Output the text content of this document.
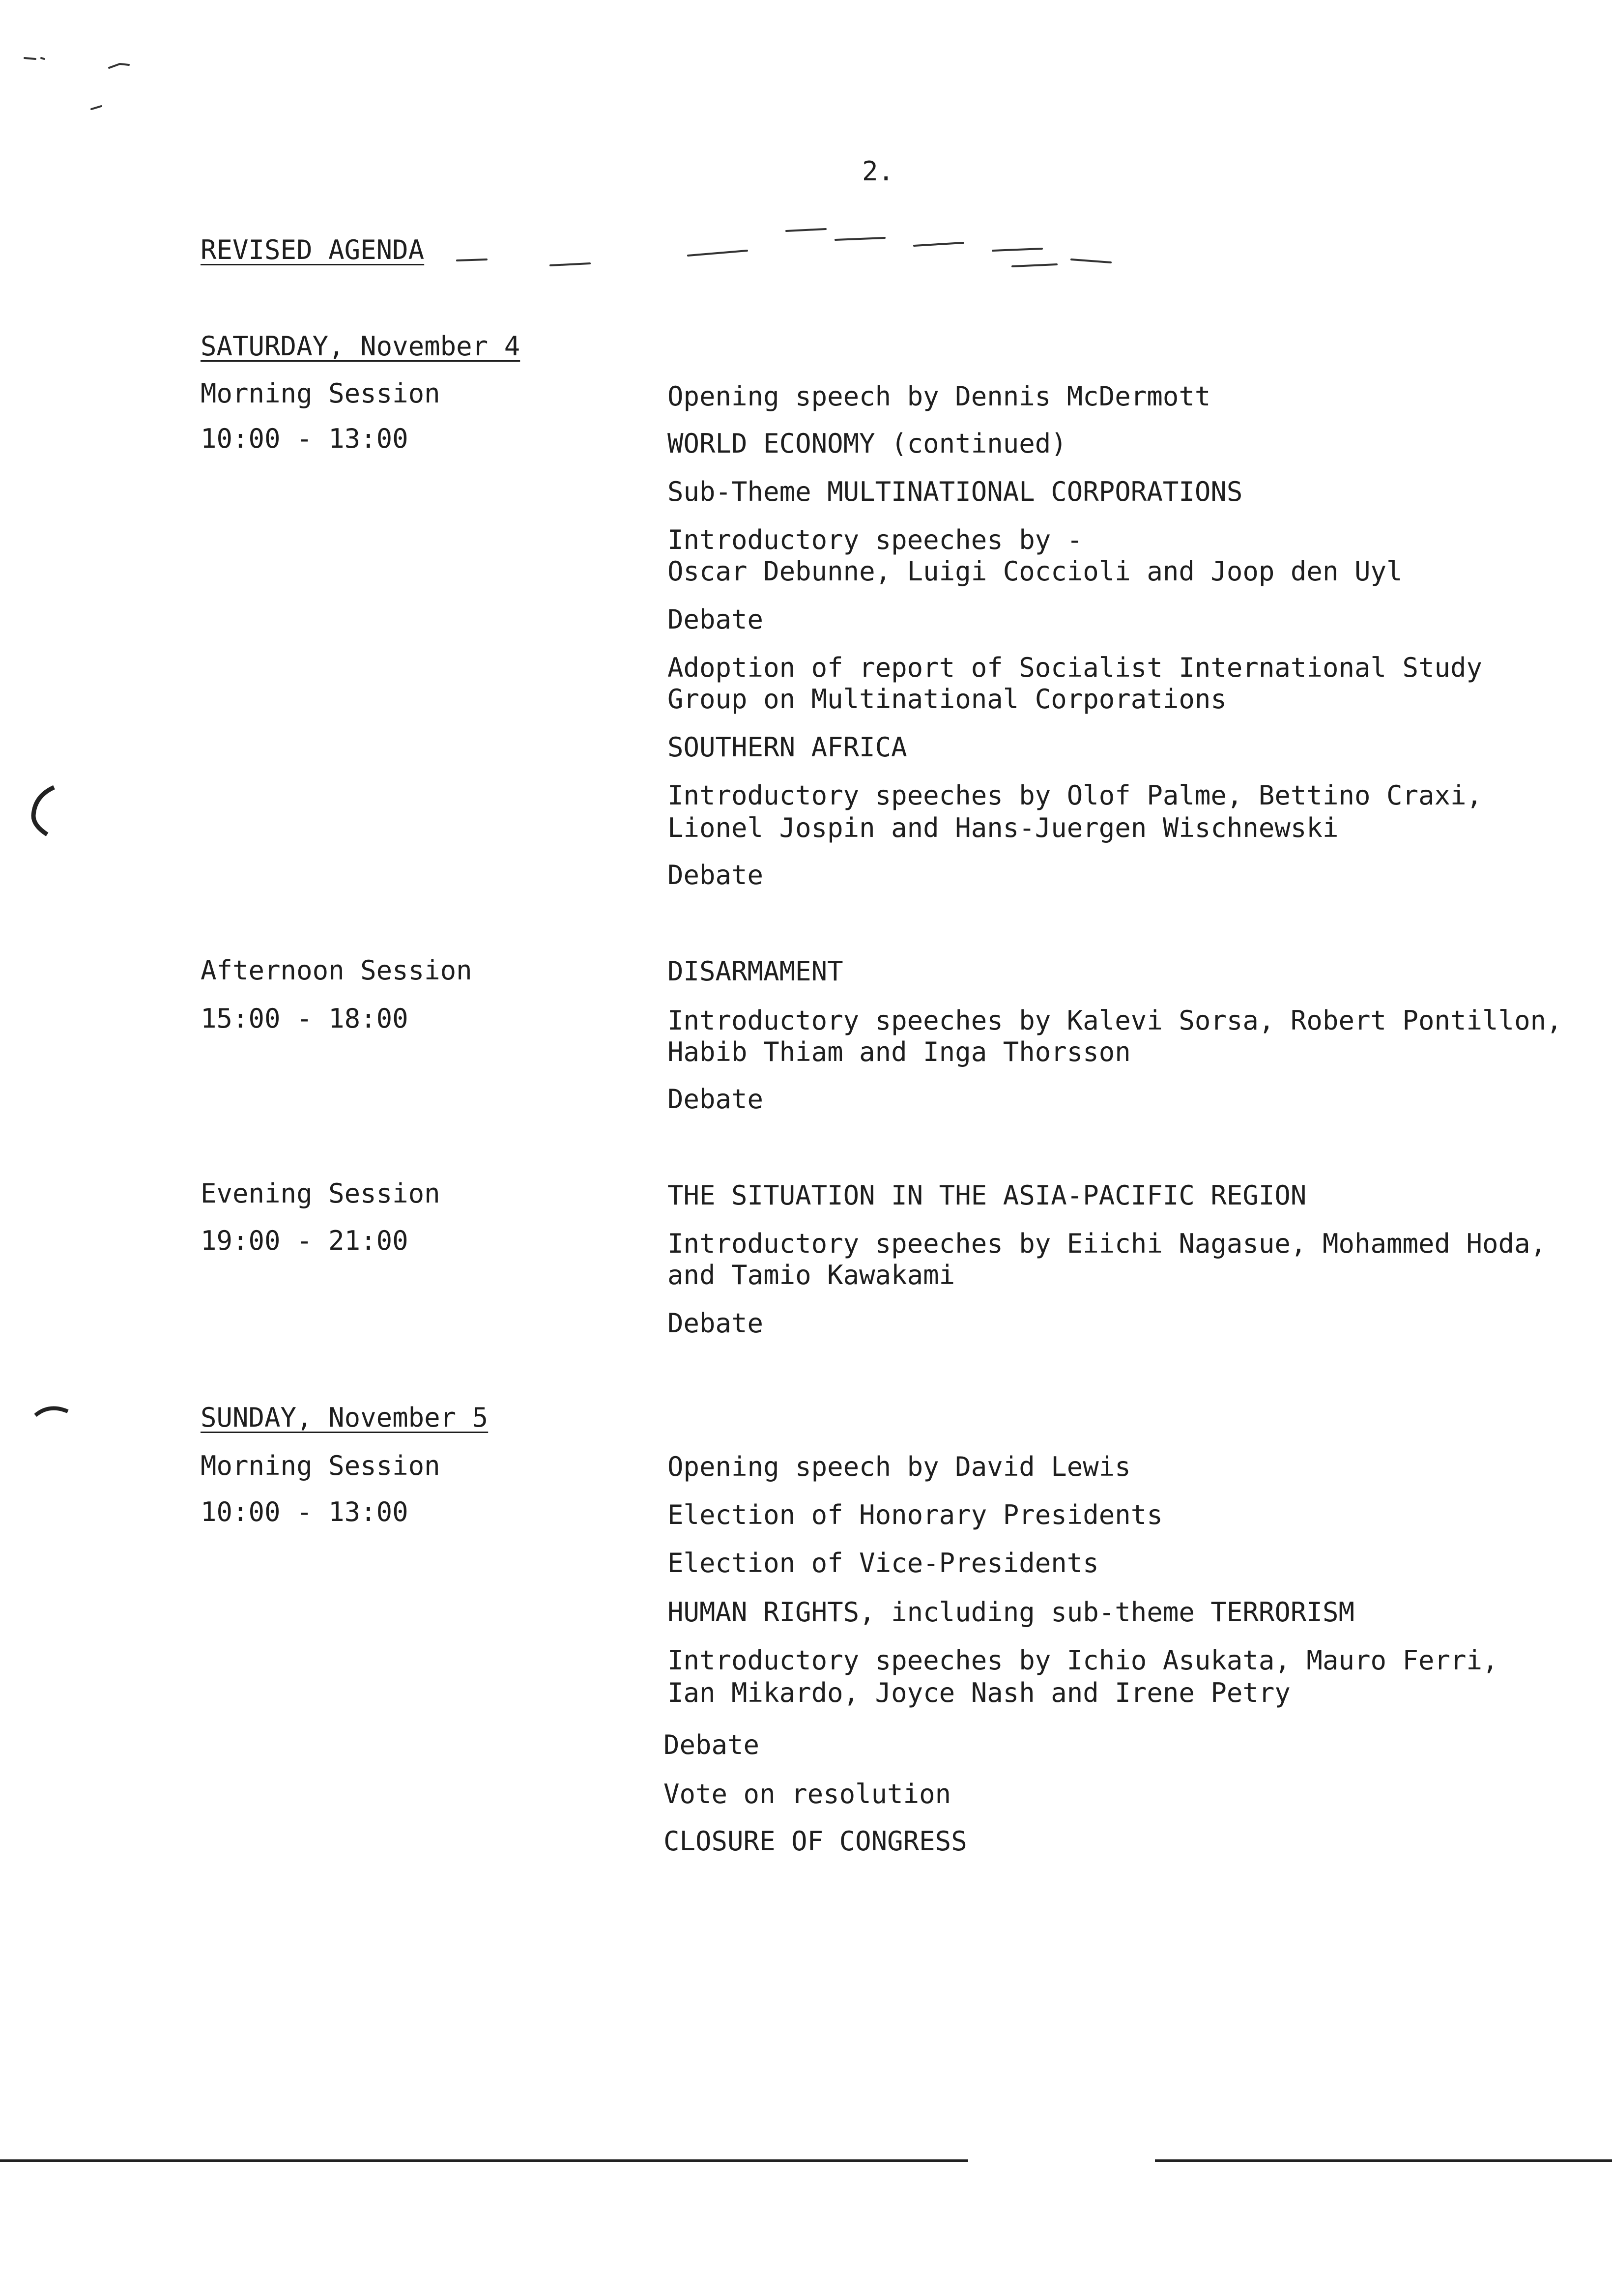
2.
REVISED AGENDA
SATURDAY, November 4
Morning Session
10:00 - 13:00
Opening speech by Dennis McDermott
WORLD ECONOMY (continued)
Sub-Theme MULTINATIONAL CORPORATIONS
Introductory speeches by -
Oscar Debunne, Luigi Coccioli and Joop den Uyl
Debate
Adoption of report of Socialist International Study
Group on Multinational Corporations
SOUTHERN AFRICA
Introductory speeches by Olof Palme, Bettino Craxi,
Lionel Jospin and Hans-Juergen Wischnewski
Debate
Afternoon Session
15:00 - 18:00
DISARMAMENT
Introductory speeches by Kalevi Sorsa, Robert Pontillon,
Habib Thiam and Inga Thorsson
Debate
Evening Session
19:00 - 21:00
THE SITUATION IN THE ASIA-PACIFIC REGION
Introductory speeches by Eiichi Nagasue, Mohammed Hoda,
and Tamio Kawakami
Debate
SUNDAY, November 5
Morning Session
10:00 - 13:00
Opening speech by David Lewis
Election of Honorary Presidents
Election of Vice-Presidents
HUMAN RIGHTS, including sub-theme TERRORISM
Introductory speeches by Ichio Asukata, Mauro Ferri,
Ian Mikardo, Joyce Nash and Irene Petry
Debate
Vote on resolution
CLOSURE OF CONGRESS
